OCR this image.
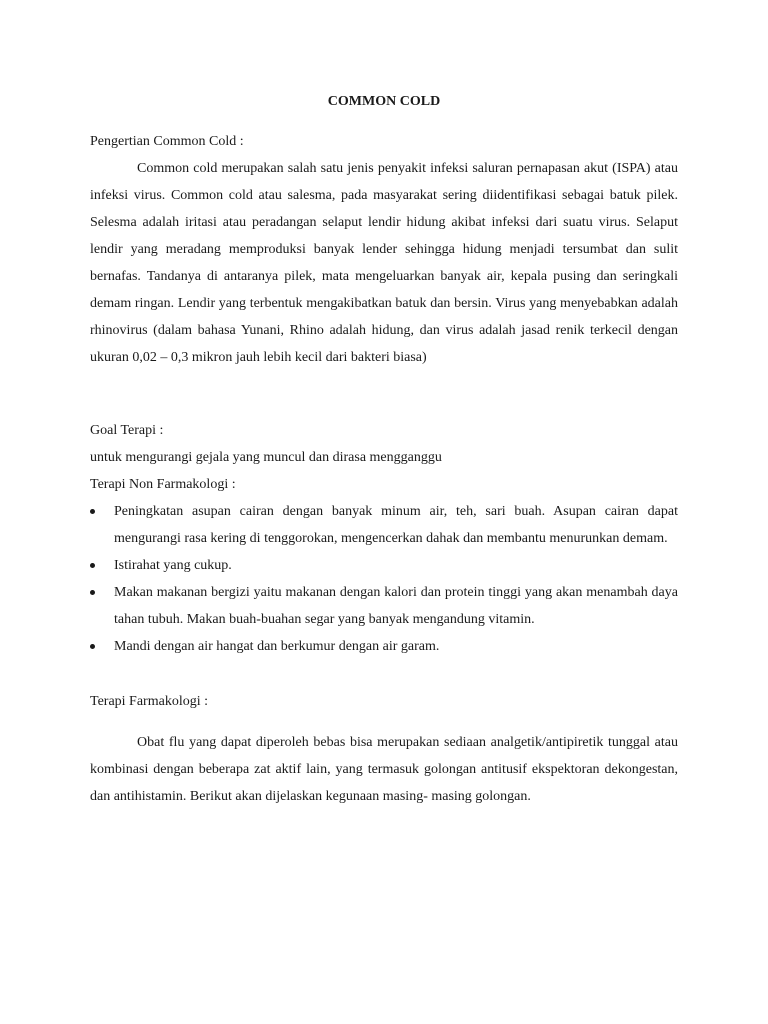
COMMON COLD

Pengertian Common Cold :

Common cold merupakan salah satu jenis penyakit infeksi saluran pernapasan akut (ISPA) atau infeksi virus. Common cold atau salesma, pada masyarakat sering diidentifikasi sebagai batuk pilek. Selesma adalah iritasi atau peradangan selaput lendir hidung akibat infeksi dari suatu virus. Selaput lendir yang meradang memproduksi banyak lender sehingga hidung menjadi tersumbat dan sulit bernafas. Tandanya di antaranya pilek, mata mengeluarkan banyak air, kepala pusing dan seringkali demam ringan. Lendir yang terbentuk mengakibatkan batuk dan bersin. Virus yang menyebabkan adalah rhinovirus (dalam bahasa Yunani, Rhino adalah hidung, dan virus adalah jasad renik terkecil dengan ukuran 0,02 – 0,3 mikron jauh lebih kecil dari bakteri biasa)

Goal Terapi :

untuk mengurangi gejala yang muncul dan dirasa mengganggu

Terapi Non Farmakologi :

Peningkatan asupan cairan dengan banyak minum air, teh, sari buah. Asupan cairan dapat mengurangi rasa kering di tenggorokan, mengencerkan dahak dan membantu menurunkan demam.
Istirahat yang cukup.
Makan makanan bergizi yaitu makanan dengan kalori dan protein tinggi yang akan menambah daya tahan tubuh. Makan buah-buahan segar yang banyak mengandung vitamin.
Mandi dengan air hangat dan berkumur dengan air garam.

Terapi Farmakologi :

Obat flu yang dapat diperoleh bebas bisa merupakan sediaan analgetik/antipiretik tunggal atau kombinasi dengan beberapa zat aktif lain, yang termasuk golongan antitusif ekspektoran dekongestan, dan antihistamin. Berikut akan dijelaskan kegunaan masing- masing golongan.
